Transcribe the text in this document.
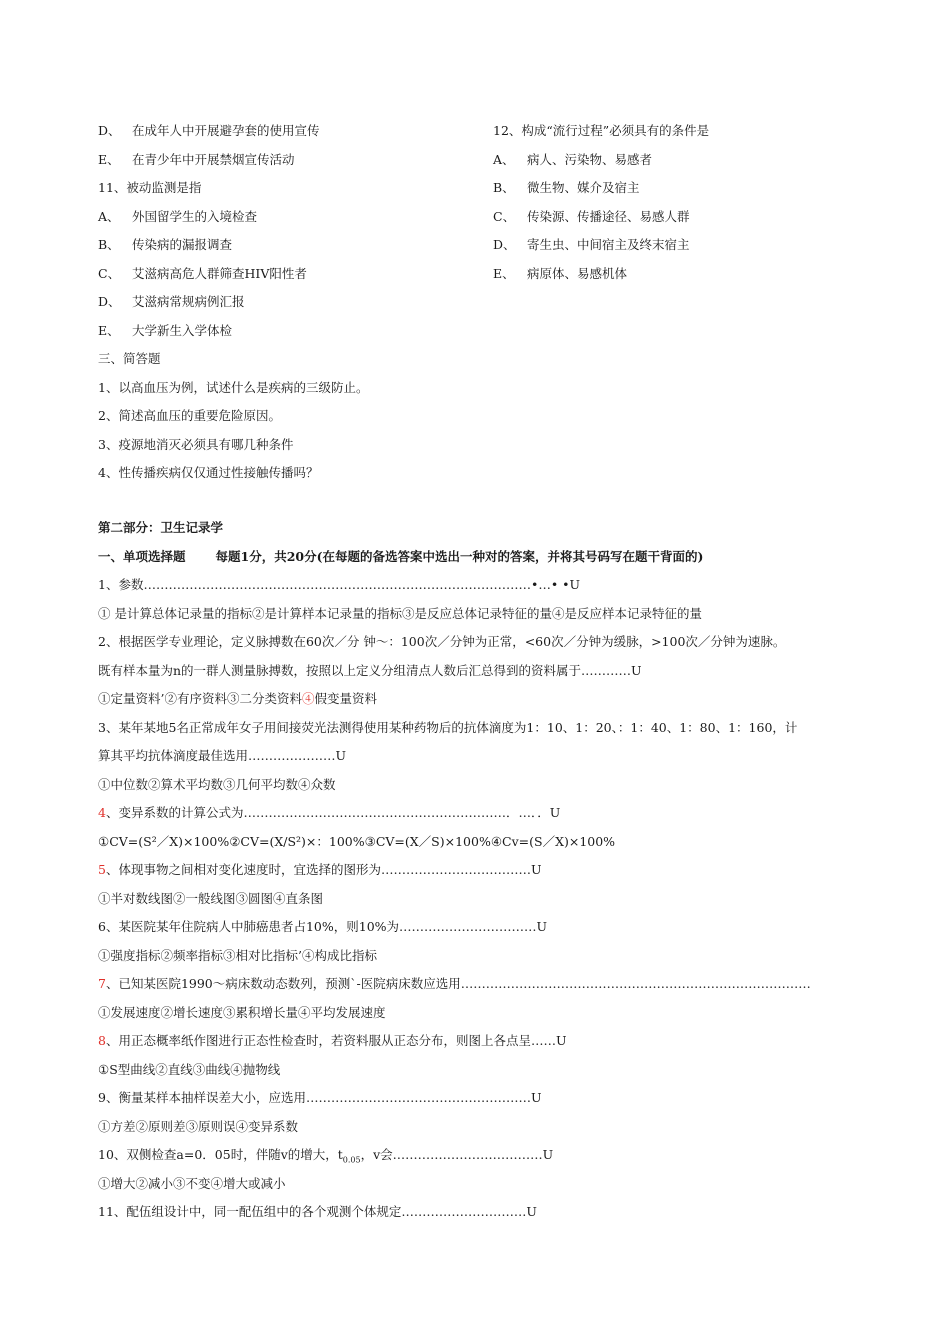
D、 在成年人中开展避孕套的使用宣传
E、 在青少年中开展禁烟宣传活动
11、被动监测是指
A、 外国留学生的入境检查
B、 传染病的漏报调查
C、 艾滋病高危人群筛查HIV阳性者
D、 艾滋病常规病例汇报
E、 大学新生入学体检
三、简答题
1、以高血压为例，试述什么是疾病的三级防止。
2、简述高血压的重要危险原因。
3、疫源地消灭必须具有哪几种条件
4、性传播疾病仅仅通过性接触传播吗？
12、构成“流行过程”必须具有的条件是
A、 病人、污染物、易感者
B、 微生物、媒介及宿主
C、 传染源、传播途径、易感人群
D、 寄生虫、中间宿主及终末宿主
E、 病原体、易感机体
第二部分：卫生记录学
一、单项选择题 每题1分，共20分(在每题的备选答案中选出一种对的答案，并将其号码写在题干背面的)
1、参数…………………………………………………………………………………•…• •U
① 是计算总体记录量的指标②是计算样本记录量的指标③是反应总体记录特征的量④是反应样本记录特征的量
2、根据医学专业理论，定义脉搏数在60次／分 钟～：100次／分钟为正常，<60次／分钟为缓脉，>100次／分钟为速脉。
既有样本量为n的一群人测量脉搏数，按照以上定义分组清点人数后汇总得到的资料属于…………U
①定量资料’②有序资料③二分类资料④假变量资料
3、某年某地5名正常成年女子用间接荧光法测得使用某种药物后的抗体滴度为1：10、1：20、：1：40、1：80、1：160，计
算其平均抗体滴度最佳选用…………………U
①中位数②算术平均数③几何平均数④众数
4、变异系数的计算公式为………………………………………………………．…．．U
①CV=(S²／X)×100%②CV=(X/S²)×：100%③CV=(X／S)×100%④Cv=(S／X)×100%
5、体现事物之间相对变化速度时，宜选择的图形为………………………………U
①半对数线图②一般线图③圆图④直条图
6、某医院某年住院病人中肺癌患者占10%，则10%为……………………………U
①强度指标②频率指标③相对比指标’④构成比指标
7、已知某医院1990～病床数动态数列，预测`-医院病床数应选用…………………………………………………………………………
①发展速度②增长速度③累积增长量④平均发展速度
8、用正态概率纸作图进行正态性检查时，若资料服从正态分布，则图上各点呈……U
①S型曲线②直线③曲线④抛物线
9、衡量某样本抽样误差大小，应选用………………………………………………U
①方差②原则差③原则误④变异系数
10、双侧检查a=0．05时，伴随v的增大，$t_{0.05}$，v会………………………………U
①增大②减小③不变④增大或减小
11、配伍组设计中，同一配伍组中的各个观测个体规定…………………………U
